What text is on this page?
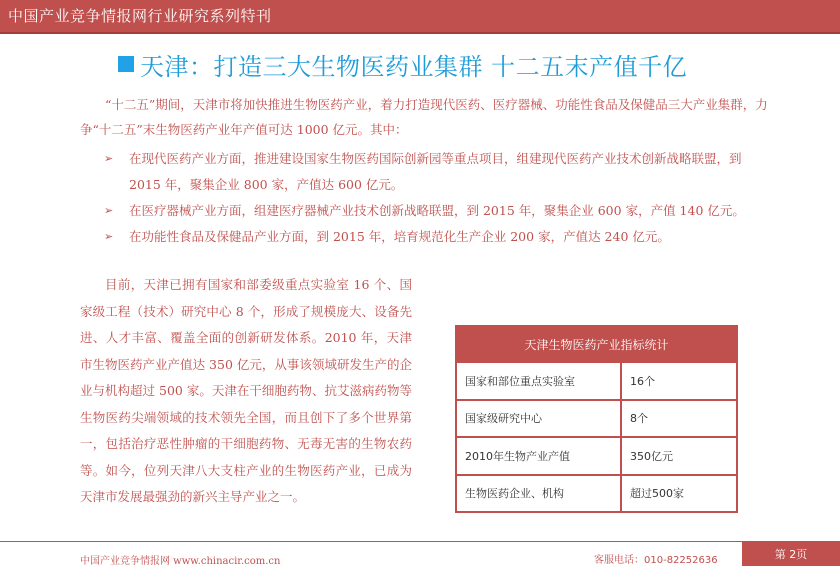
中国产业竞争情报网行业研究系列特刊
天津：打造三大生物医药业集群 十二五末产值千亿

“十二五”期间，天津市将加快推进生物医药产业，着力打造现代医药、医疗器械、功能性食品及保健品三大产业集群，力争“十二五”末生物医药产业年产值可达 1000 亿元。其中：

➢ 在现代医药产业方面，推进建设国家生物医药国际创新园等重点项目，组建现代医药产业技术创新战略联盟，到 2015 年，聚集企业 800 家，产值达 600 亿元。
➢ 在医疗器械产业方面，组建医疗器械产业技术创新战略联盟，到 2015 年，聚集企业 600 家，产值 140 亿元。
➢ 在功能性食品及保健品产业方面，到 2015 年，培育规范化生产企业 200 家，产值达 240 亿元。

目前，天津已拥有国家和部委级重点实验室 16 个、国家级工程（技术）研究中心 8 个，形成了规模庞大、设备先进、人才丰富、覆盖全面的创新研发体系。2010 年，天津市生物医药产业产值达 350 亿元，从事该领域研发生产的企业与机构超过 500 家。天津在干细胞药物、抗艾滋病药物等生物医药尖端领域的技术领先全国，而且创下了多个世界第一，包括治疗恶性肿瘤的干细胞药物、无毒无害的生物农药等。如今，位列天津八大支柱产业的生物医药产业，已成为天津市发展最强劲的新兴主导产业之一。

天津生物医药产业指标统计
国家和部位重点实验室	16个
国家级研究中心	8个
2010年生物产业产值	350亿元
生物医药企业、机构	超过500家
中国产业竞争情报网 www.chinacir.com.cn	客服电话：010-82252636	第 2页
